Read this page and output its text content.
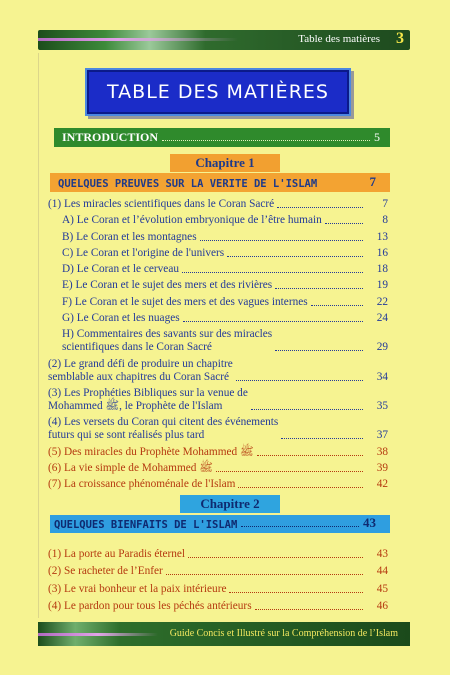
Table des matières 3
TABLE DES MATIÈRES
INTRODUCTION	5
Chapitre 1
QUELQUES PREUVES SUR LA VERITE DE L'ISLAM	7
(1) Les miracles scientifiques dans le Coran Sacré	7
A) Le Coran et l’évolution embryonique de l’être humain	8
B) Le Coran et les montagnes	13
C) Le Coran et l'origine de l'univers	16
D) Le Coran et le cerveau	18
E) Le Coran et le sujet des mers et des rivières	19
F) Le Coran et le sujet des mers et des vagues internes	22
G) Le Coran et les nuages	24
H) Commentaires des savants sur des miracles
scientifiques dans le Coran Sacré	29
(2) Le grand défi de produire un chapitre
semblable aux chapitres du Coran Sacré	34
(3) Les Prophéties Bibliques sur la venue de
Mohammed ﷺ, le Prophète de l'Islam	35
(4) Les versets du Coran qui citent des événements
futurs qui se sont réalisés plus tard	37
(5) Des miracles du Prophète Mohammed ﷺ	38
(6) La vie simple de Mohammed ﷺ	39
(7) La croissance phénoménale de l'Islam	42
Chapitre 2
QUELQUES BIENFAITS DE L'ISLAM	43
(1) La porte au Paradis éternel	43
(2) Se racheter de l’Enfer	44
(3) Le vrai bonheur et la paix intérieure	45
(4) Le pardon pour tous les péchés antérieurs	46
Guide Concis et Illustré sur la Compréhension de l’Islam
